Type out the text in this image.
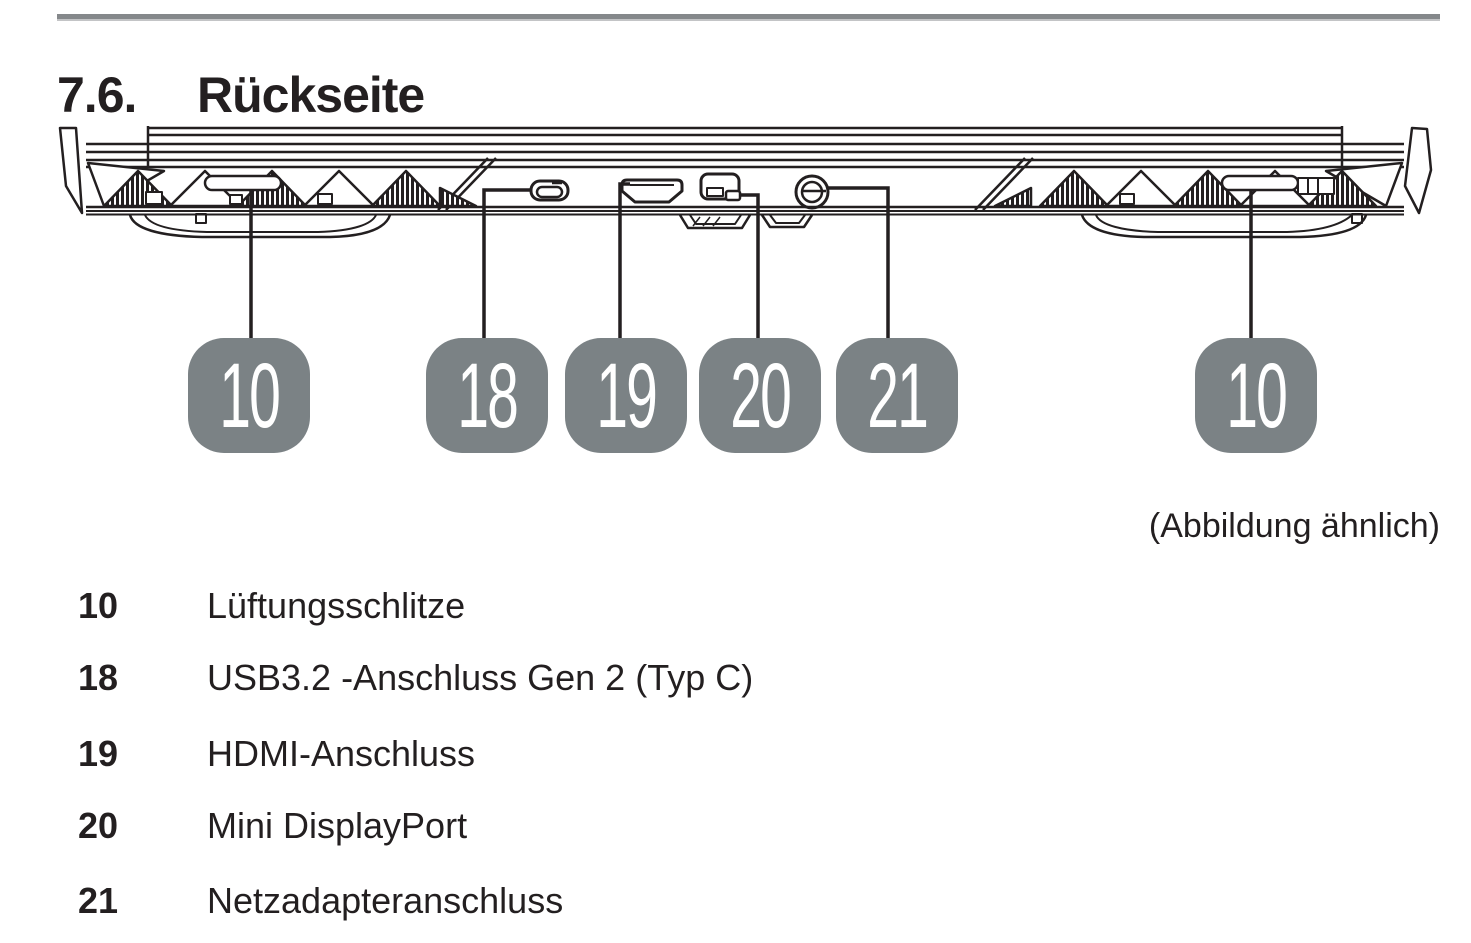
7.6. Rückseite
10 18 19 20 21	10
(Abbildung ähnlich)
10 Lüftungsschlitze
18 USB3.2 -Anschluss Gen 2 (Typ C)
19 HDMI-Anschluss
20 Mini DisplayPort
21 Netzadapteranschluss
